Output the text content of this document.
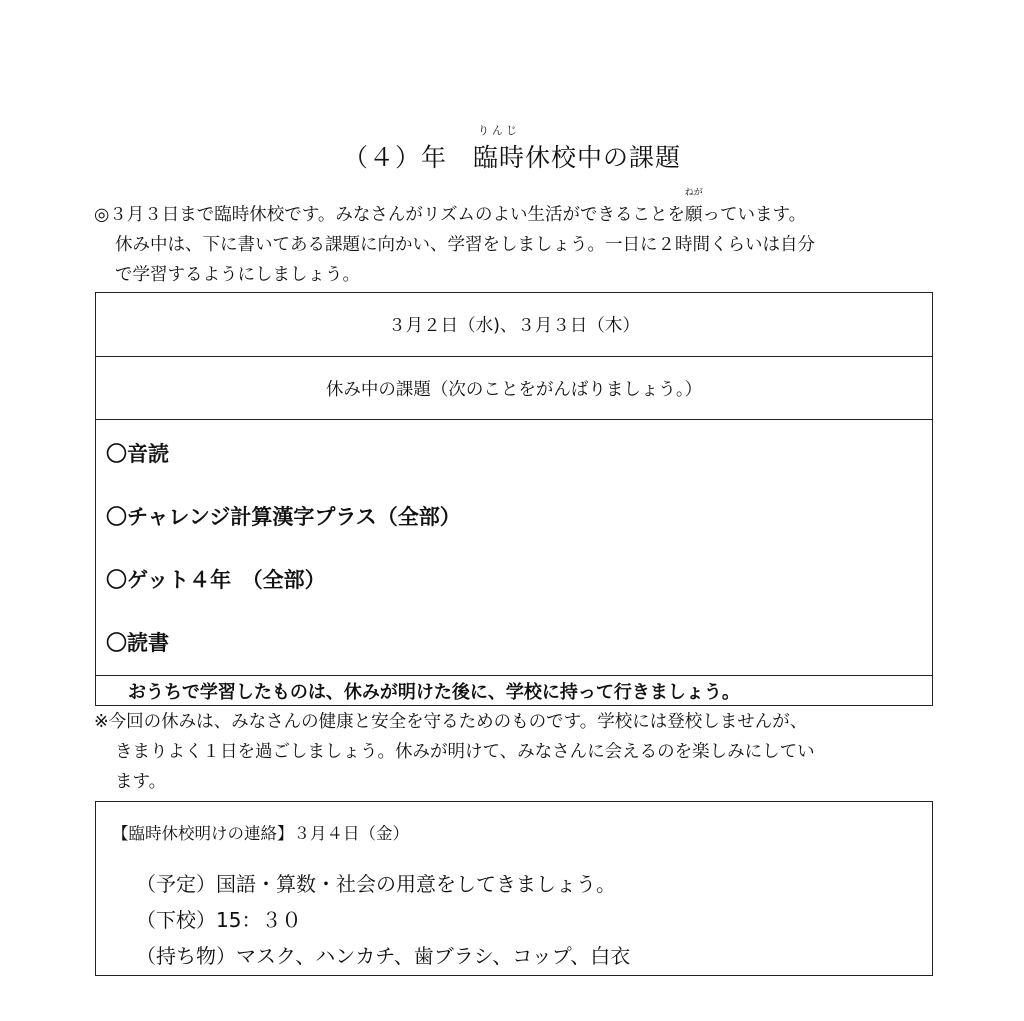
（４）年　
りんじ
臨時休校中の課題
◎３月３日まで臨時休校です。みなさんがリズムのよい生活ができることを
ねが
願っています。
休み中は、下に書いてある課題に向かい、学習をしましょう。一日に２時間くらいは自分
で学習するようにしましょう。
３月２日（水)、３月３日（木）
休み中の課題（次のことをがんばりましょう。）
〇音読
〇チャレンジ計算漢字プラス（全部）
〇ゲット４年　（全部）
〇読書
おうちで学習したものは、休みが明けた後に、学校に持って行きましょう。
※今回の休みは、みなさんの健康と安全を守るためのものです。学校には登校しませんが、
きまりよく１日を過ごしましょう。休みが明けて、みなさんに会えるのを楽しみにしてい
ます。
【臨時休校明けの連絡】３月４日（金）
（予定）国語・算数・社会の用意をしてきましょう。
（下校）15：３０
（持ち物）マスク、ハンカチ、歯ブラシ、コップ、白衣
